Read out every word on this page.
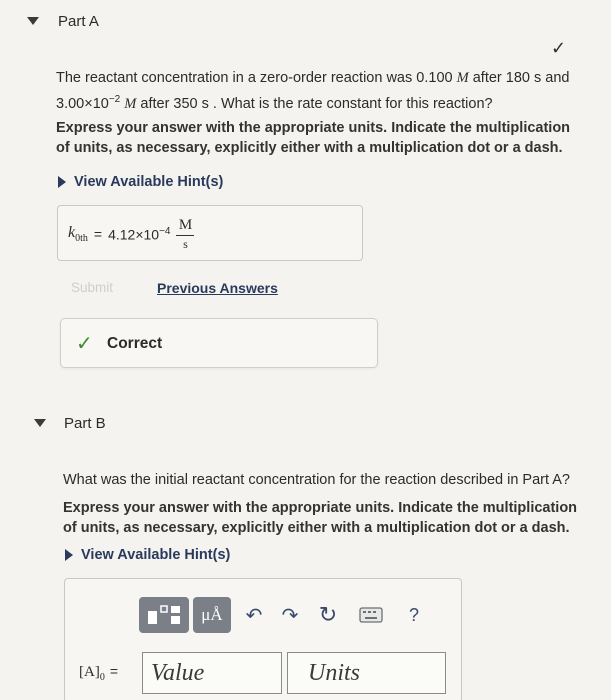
Part A
✓
The reactant concentration in a zero-order reaction was 0.100 M after 180 s and
$3.00\times 10^{-2}$ M after 350 s . What is the rate constant for this reaction?
Express your answer with the appropriate units. Indicate the multiplication
of units, as necessary, explicitly either with a multiplication dot or a dash.
View Available Hint(s)
$k_{0th} = 4.12\times 10^{-4} \frac{M}{s}$
Submit	Previous Answers
✓ Correct
Part B
What was the initial reactant concentration for the reaction described in Part A?
Express your answer with the appropriate units. Indicate the multiplication
of units, as necessary, explicitly either with a multiplication dot or a dash.
View Available Hint(s)
μÅ ↶ ↷ ↻	?
$[A]_0$ = Value	Units
